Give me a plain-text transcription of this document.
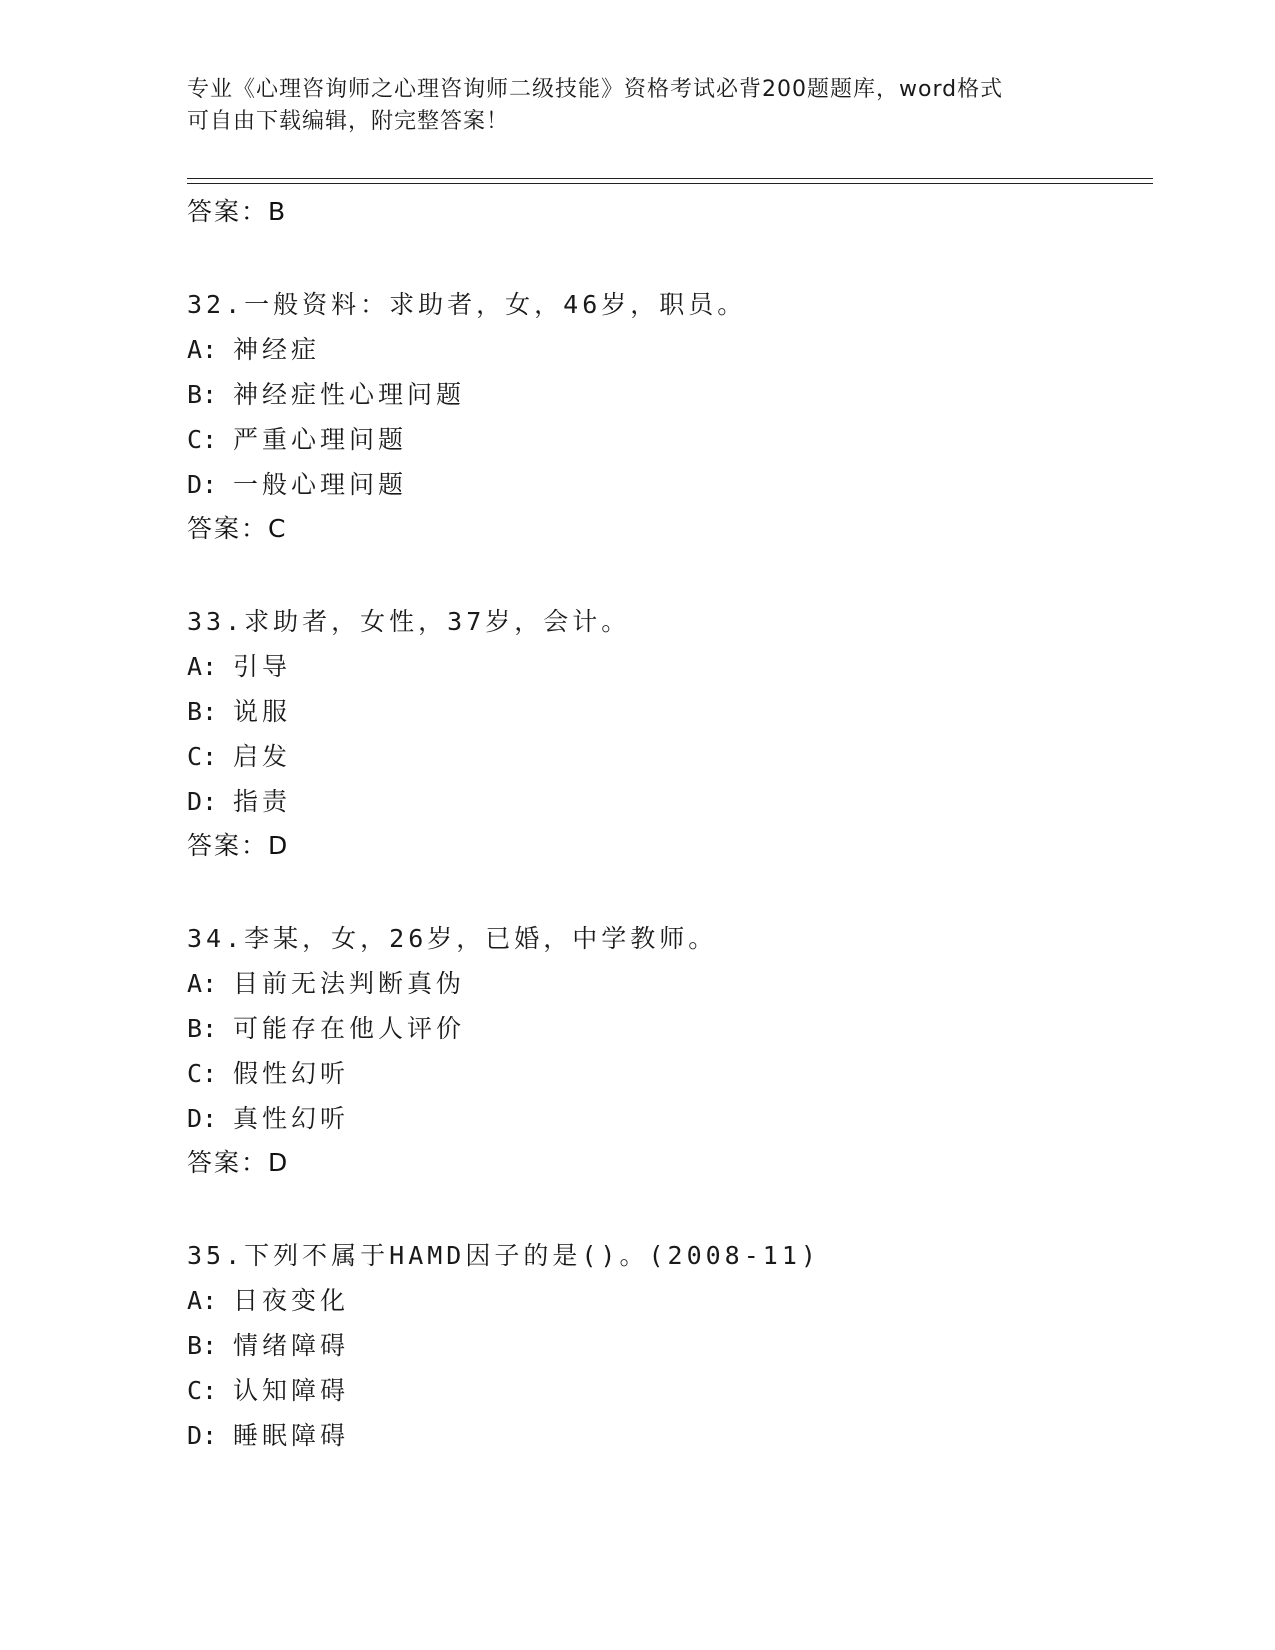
专业《心理咨询师之心理咨询师二级技能》资格考试必背200题题库，word格式
可自由下载编辑，附完整答案！
答案：B
32.一般资料：求助者，女，46岁，职员。
A: 神经症
B: 神经症性心理问题
C: 严重心理问题
D: 一般心理问题
答案：C
33.求助者，女性，37岁，会计。
A: 引导
B: 说服
C: 启发
D: 指责
答案：D
34.李某，女，26岁，已婚，中学教师。
A: 目前无法判断真伪
B: 可能存在他人评价
C: 假性幻听
D: 真性幻听
答案：D
35.下列不属于HAMD因子的是()。(2008-11)
A: 日夜变化
B: 情绪障碍
C: 认知障碍
D: 睡眠障碍
